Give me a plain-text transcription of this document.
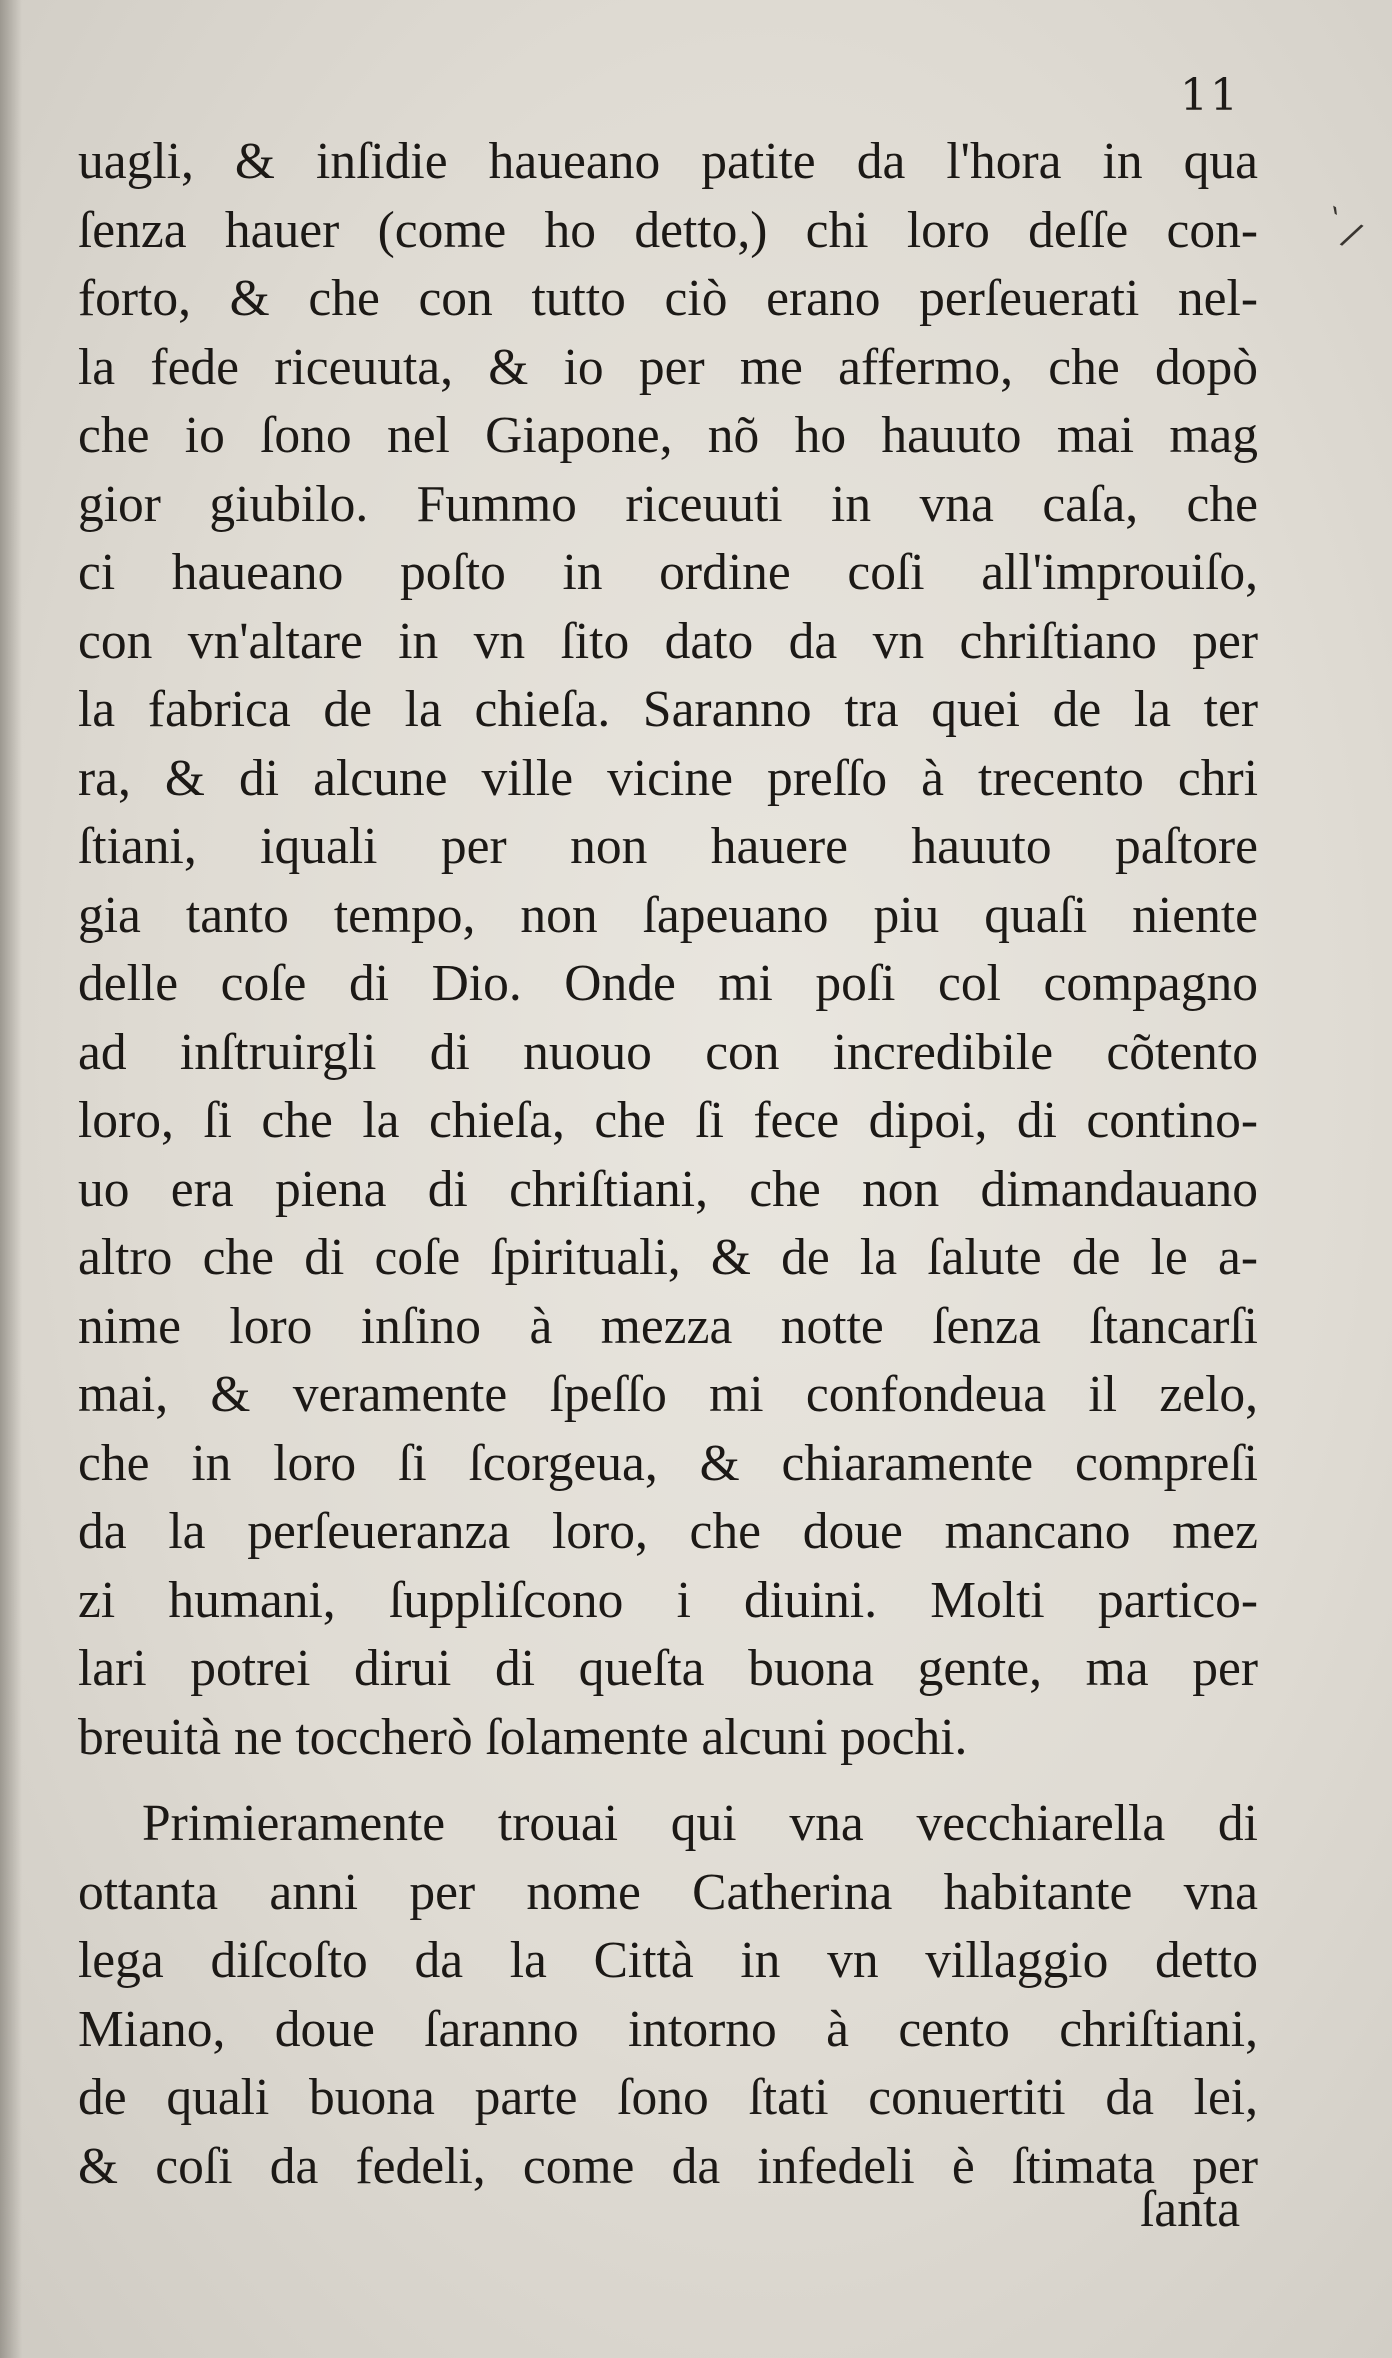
11
` /
uagli, & inſidie haueano patite da l'hora in qua
ſenza hauer (come ho detto,) chi loro deſſe con-
forto, & che con tutto ciò erano perſeuerati nel-
la fede riceuuta, & io per me affermo, che dopò
che io ſono nel Giapone, nõ ho hauuto mai mag
gior giubilo. Fummo riceuuti in vna caſa, che
ci haueano poſto in ordine coſi all'improuiſo,
con vn'altare in vn ſito dato da vn chriſtiano per
la fabrica de la chieſa. Saranno tra quei de la ter
ra, & di alcune ville vicine preſſo à trecento chri
ſtiani, iquali per non hauere hauuto paſtore
gia tanto tempo, non ſapeuano piu quaſi niente
delle coſe di Dio. Onde mi poſi col compagno
ad inſtruirgli di nuouo con incredibile cõtento
loro, ſi che la chieſa, che ſi fece dipoi, di contino-
uo era piena di chriſtiani, che non dimandauano
altro che di coſe ſpirituali, & de la ſalute de le a-
nime loro inſino à mezza notte ſenza ſtancarſi
mai, & veramente ſpeſſo mi confondeua il zelo,
che in loro ſi ſcorgeua, & chiaramente compreſi
da la perſeueranza loro, che doue mancano mez
zi humani, ſuppliſcono i diuini. Molti partico-
lari potrei dirui di queſta buona gente, ma per
breuità ne toccherò ſolamente alcuni pochi.
Primieramente trouai qui vna vecchiarella di
ottanta anni per nome Catherina habitante vna
lega diſcoſto da la Città in vn villaggio detto
Miano, doue ſaranno intorno à cento chriſtiani,
de quali buona parte ſono ſtati conuertiti da lei,
& coſi da fedeli, come da infedeli è ſtimata per
ſanta
